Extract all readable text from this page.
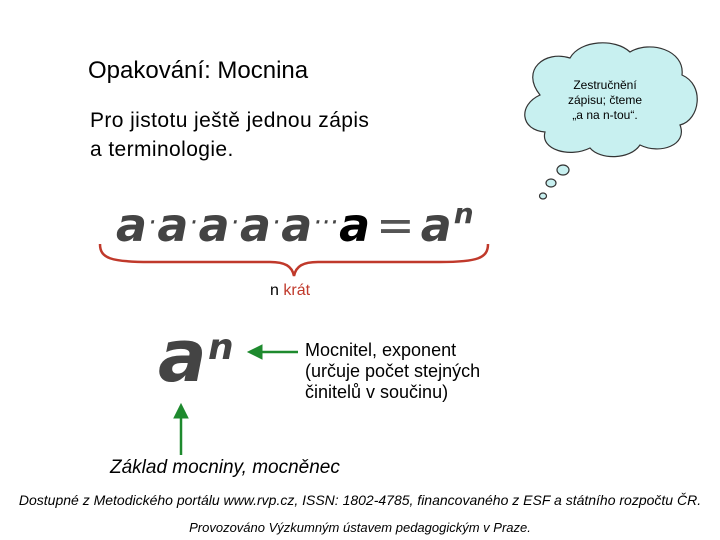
Opakování: Mocnina
Pro jistotu ještě jednou zápis
a terminologie.
Zestručnění
zápisu; čteme
„a na n-tou“.
$a^\cdot a^\cdot a^\cdot a^\cdot a^{\cdot\cdot\cdot}a = a^n$
n krát
a n	Mocnitel, exponent
(určuje počet stejných
činitelů v součinu)
Základ mocniny, mocněnec
Dostupné z Metodického portálu www.rvp.cz, ISSN: 1802-4785, financovaného z ESF a státního rozpočtu ČR.
Provozováno Výzkumným ústavem pedagogickým v Praze.
